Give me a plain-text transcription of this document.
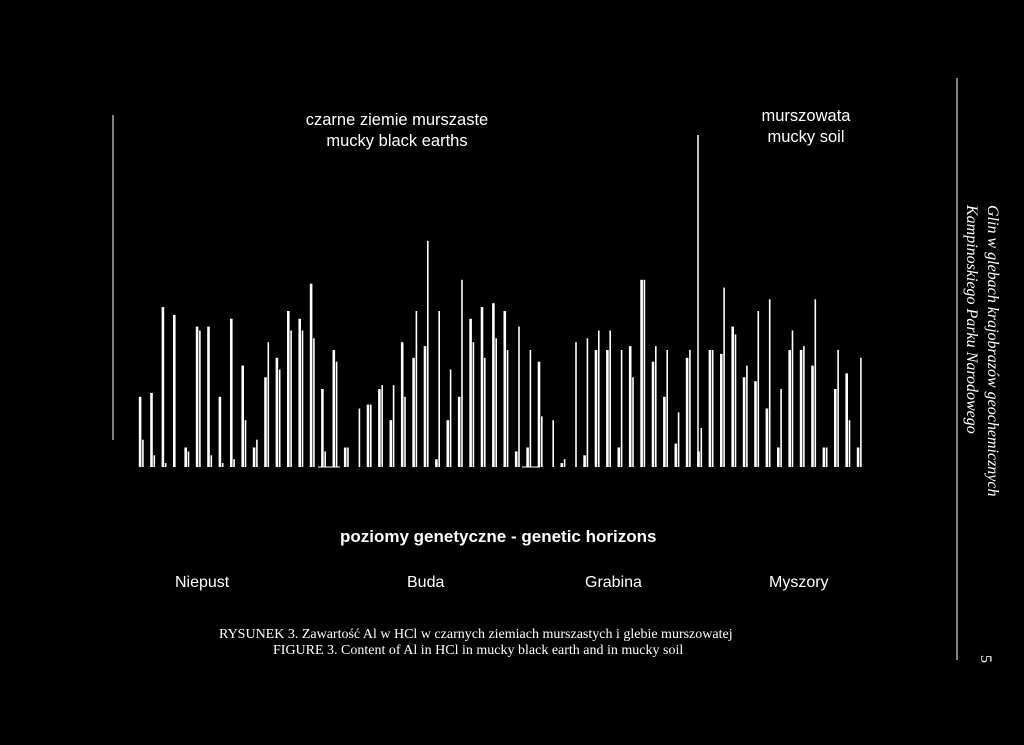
czarne ziemie murszaste
mucky black earths
murszowata
mucky soil
poziomy genetyczne - genetic horizons
Niepust	Buda	Grabina	Myszory
RYSUNEK 3. Zawartość Al w HCl w czarnych ziemiach murszastych i glebie murszowatej
FIGURE 3. Content of Al in HCl in mucky black earth and in mucky soil
Glin w glebach krajobrazów geochemicznych
Kampinoskiego Parku Narodowego
5
